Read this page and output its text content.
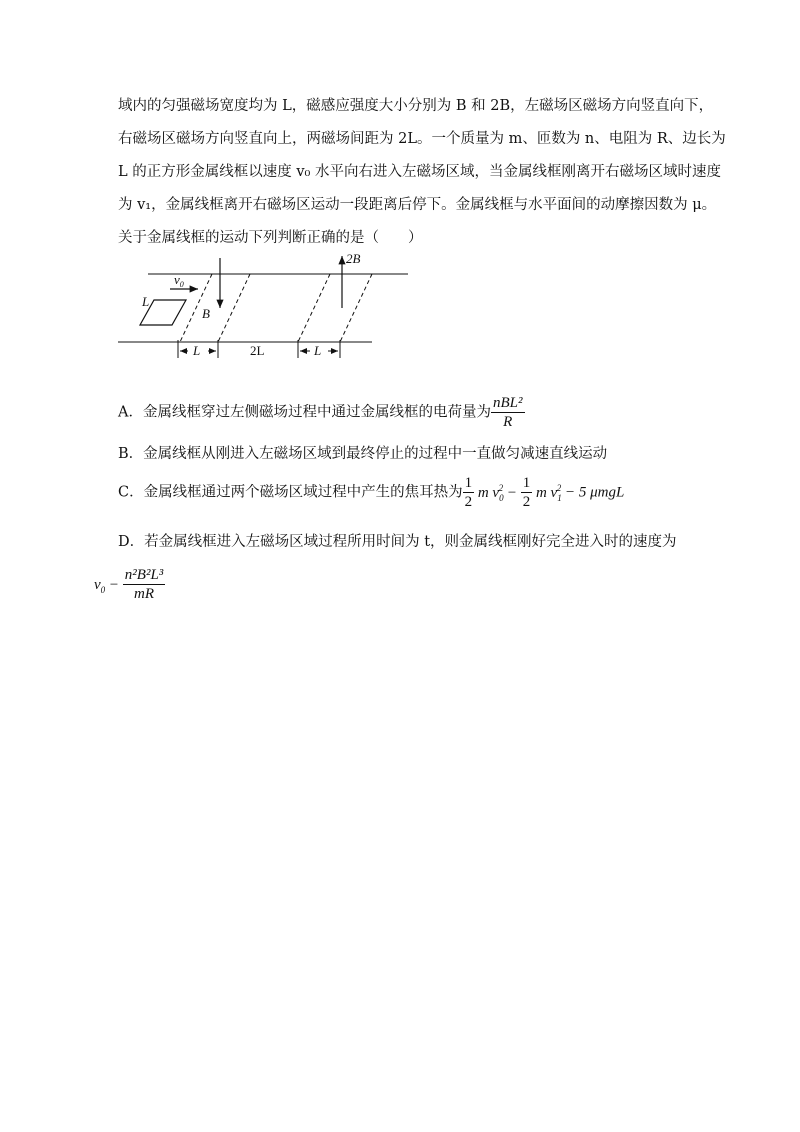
域内的匀强磁场宽度均为 L，磁感应强度大小分别为 B 和 2B，左磁场区磁场方向竖直向下，
右磁场区磁场方向竖直向上，两磁场间距为 2L。一个质量为 m、匝数为 n、电阻为 R、边长为
L 的正方形金属线框以速度 v₀ 水平向右进入左磁场区域，当金属线框刚离开右磁场区域时速度
为 v₁，金属线框离开右磁场区运动一段距离后停下。金属线框与水平面间的动摩擦因数为 μ。
关于金属线框的运动下列判断正确的是（　　）
B
2B
L
$v_0$
L	2L	L
A．金属线框穿过左侧磁场过程中通过金属线框的电荷量为 $\frac{\text{nBL²}}{R}$
B．金属线框从刚进入左磁场区域到最终停止的过程中一直做匀减速直线运动
C．金属线框通过两个磁场区域过程中产生的焦耳热为 $\frac{1}{2}$ m $v_0^2 - \frac{1}{2}$ m $v_1^2 - 5$ μmgL
D．若金属线框进入左磁场区域过程所用时间为 t，则金属线框刚好完全进入时的速度为
$v_0 - \frac{\text{n²B²L³}}{mR}$
